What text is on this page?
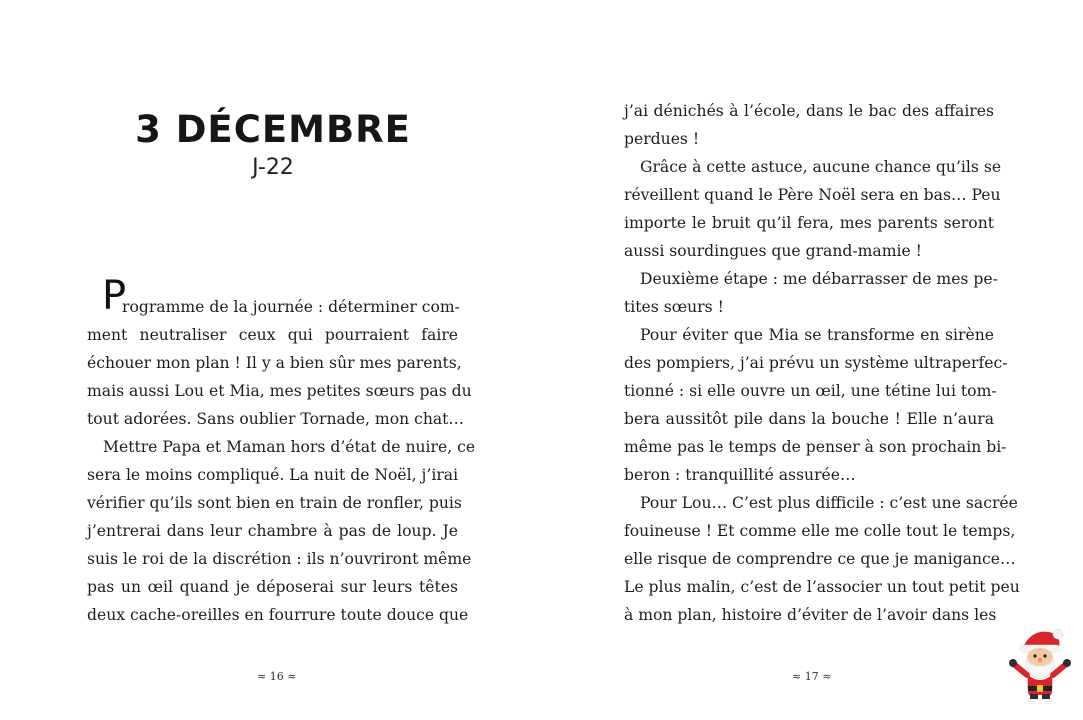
3 DÉCEMBRE
J-22
P

rogramme de la journée : déterminer com-

ment neutraliser ceux qui pourraient faire

échouer mon plan ! Il y a bien sûr mes parents,

mais aussi Lou et Mia, mes petites sœurs pas du

tout adorées. Sans oublier Tornade, mon chat…

Mettre Papa et Maman hors d’état de nuire, ce

sera le moins compliqué. La nuit de Noël, j’irai

vérifier qu’ils sont bien en train de ronfler, puis

j’entrerai dans leur chambre à pas de loup. Je

suis le roi de la discrétion : ils n’ouvriront même

pas un œil quand je déposerai sur leurs têtes

deux cache-oreilles en fourrure toute douce que

≈ 16 ≈

j’ai dénichés à l’école, dans le bac des affaires

perdues !

Grâce à cette astuce, aucune chance qu’ils se

réveillent quand le Père Noël sera en bas… Peu

importe le bruit qu’il fera, mes parents seront

aussi sourdingues que grand-mamie !

Deuxième étape : me débarrasser de mes pe-

tites sœurs !

Pour éviter que Mia se transforme en sirène

des pompiers, j’ai prévu un système ultraperfec-

tionné : si elle ouvre un œil, une tétine lui tom-

bera aussitôt pile dans la bouche ! Elle n’aura

même pas le temps de penser à son prochain bi-

beron : tranquillité assurée…

Pour Lou… C’est plus difficile : c’est une sacrée

fouineuse ! Et comme elle me colle tout le temps,

elle risque de comprendre ce que je manigance…

Le plus malin, c’est de l’associer un tout petit peu

à mon plan, histoire d’éviter de l’avoir dans les

≈ 17 ≈
